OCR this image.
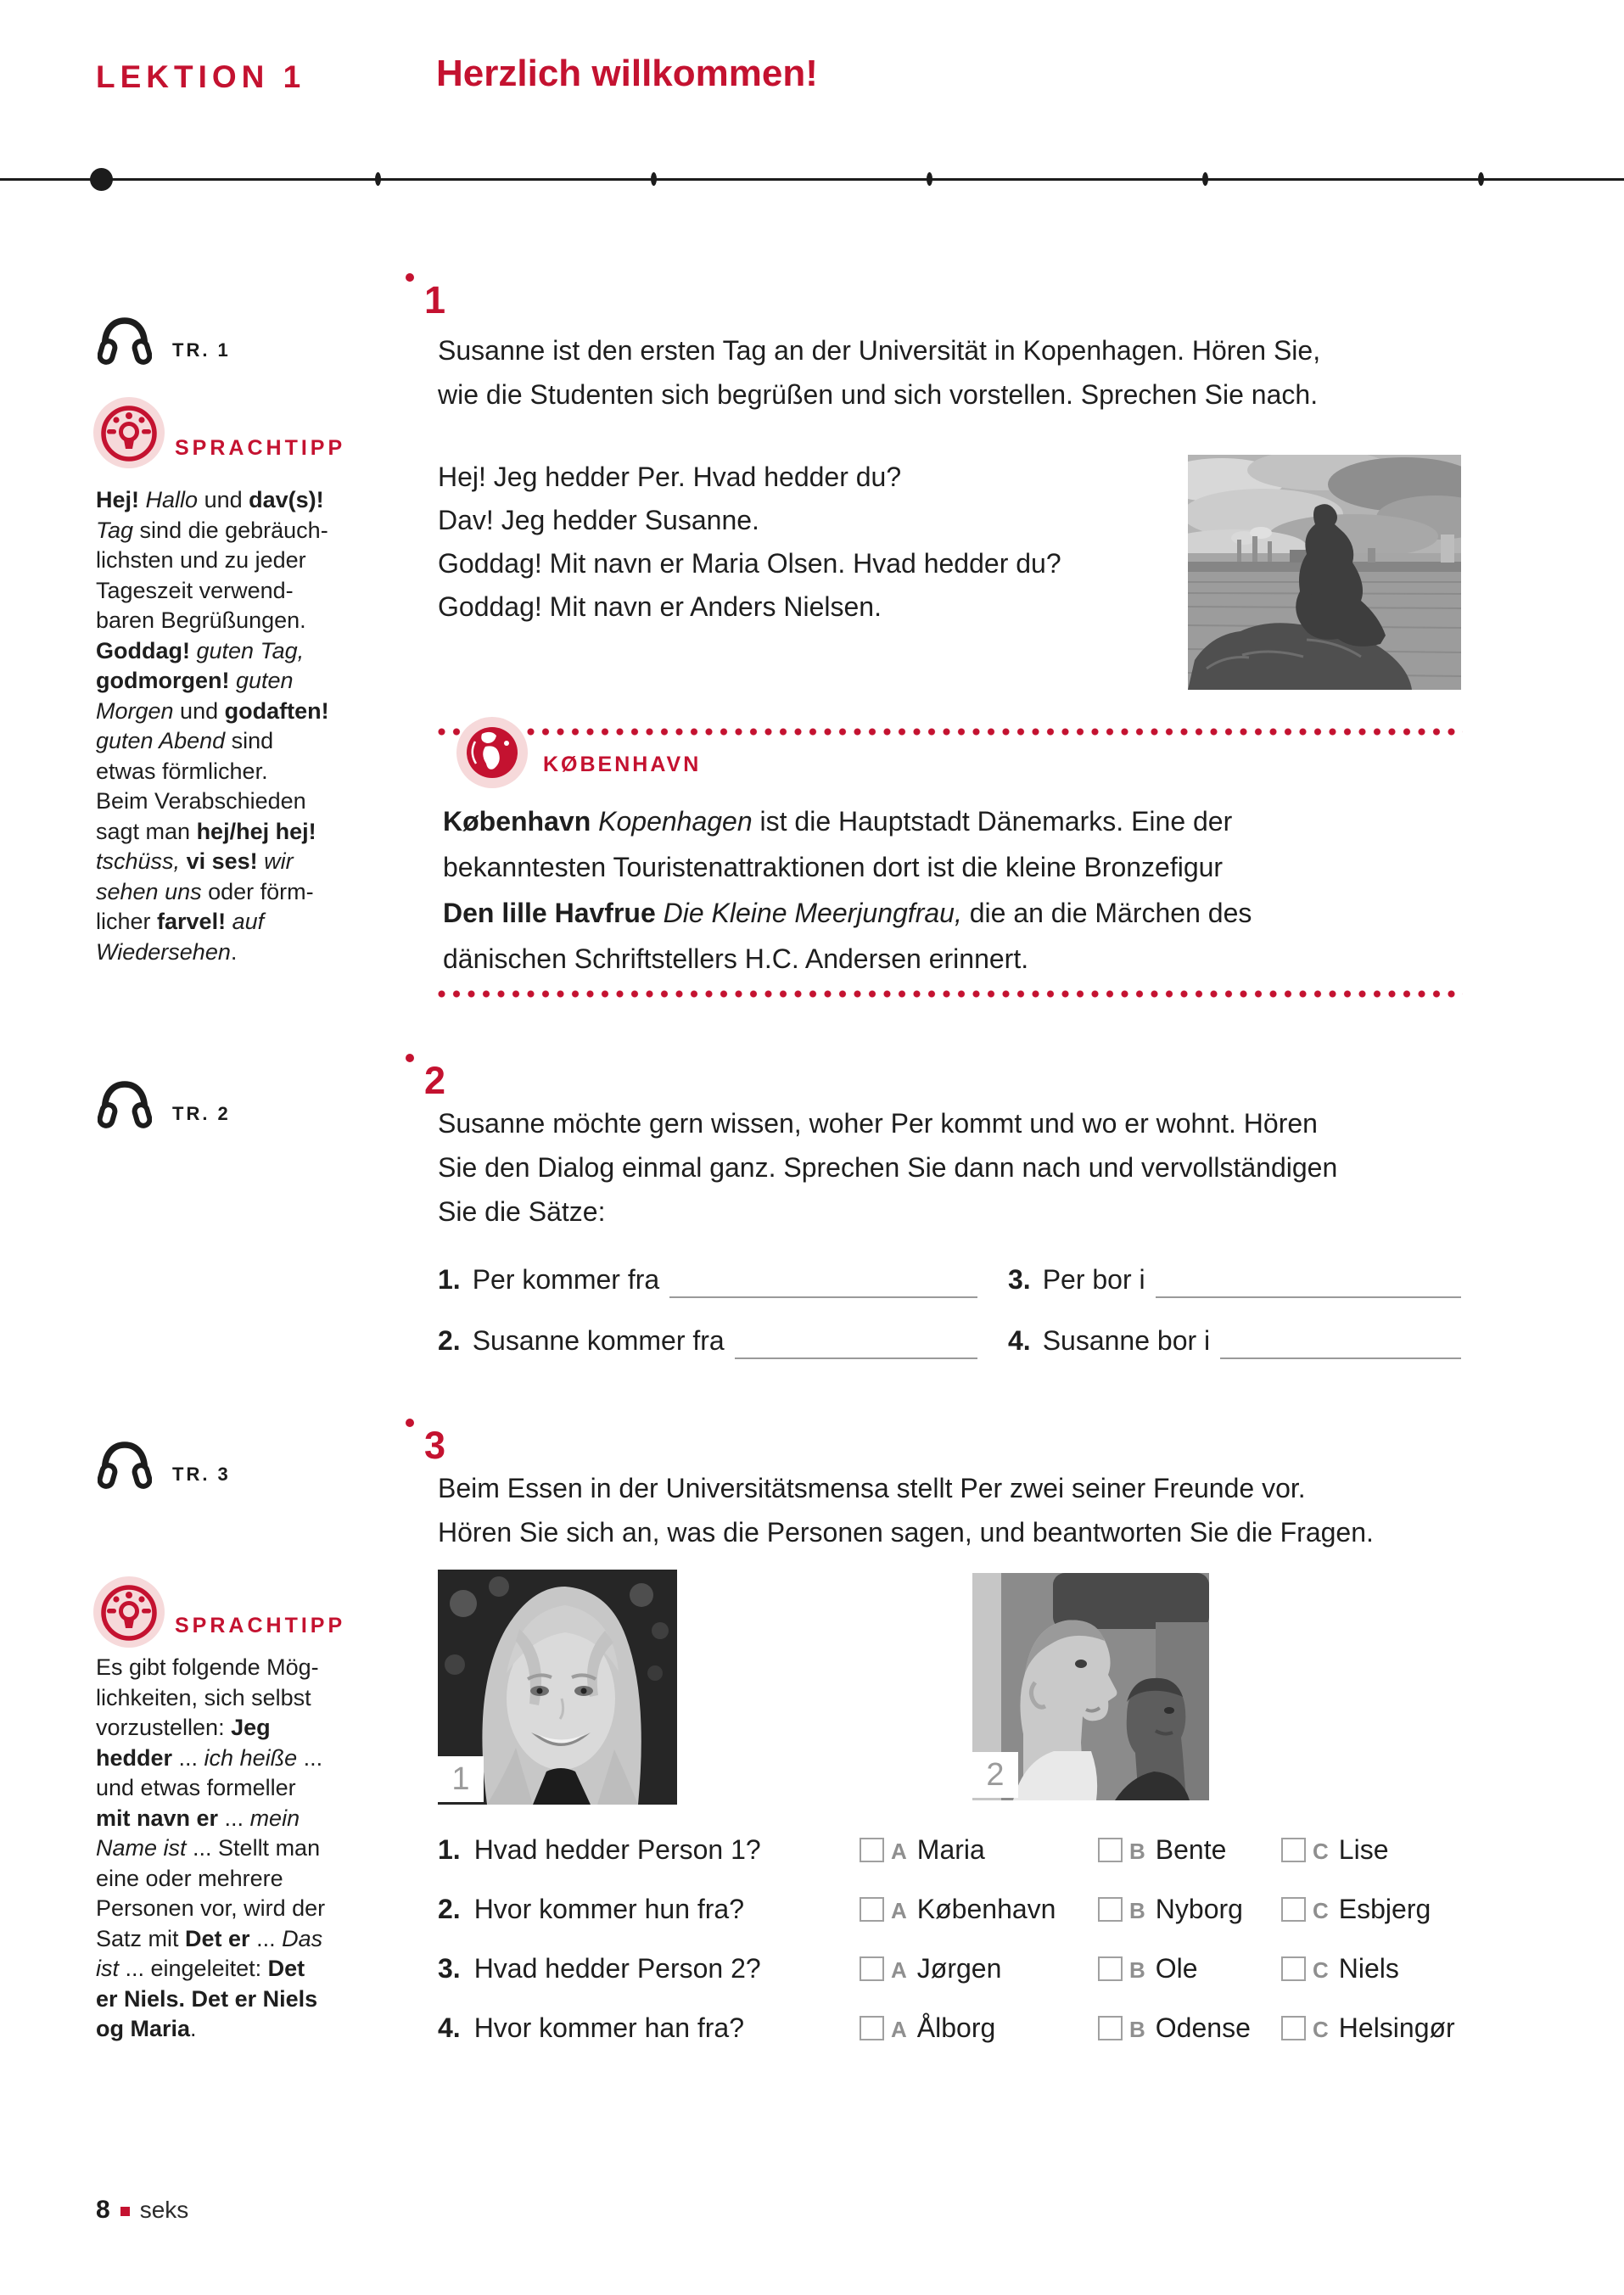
LEKTION 1	Herzlich willkommen!
TR. 1
SPRACHTIPP
Hej! Hallo und dav(s)!
Tag sind die gebräuch-
lichsten und zu jeder
Tageszeit verwend-
baren Begrüßungen.
Goddag! guten Tag,
godmorgen! guten
Morgen und godaften!
guten Abend sind
etwas förmlicher.
Beim Verabschieden
sagt man hej/hej hej!
tschüss, vi ses! wir
sehen uns oder förm-
licher farvel! auf
Wiedersehen.
TR. 2
TR. 3
SPRACHTIPP
Es gibt folgende Mög-
lichkeiten, sich selbst
vorzustellen: Jeg
hedder ... ich heiße ...
und etwas formeller
mit navn er ... mein
Name ist ... Stellt man
eine oder mehrere
Personen vor, wird der
Satz mit Det er ... Das
ist ... eingeleitet: Det
er Niels. Det er Niels
og Maria.
1
Susanne ist den ersten Tag an der Universität in Kopenhagen. Hören Sie,
wie die Studenten sich begrüßen und sich vorstellen. Sprechen Sie nach.
Hej! Jeg hedder Per. Hvad hedder du?
Dav! Jeg hedder Susanne.
Goddag! Mit navn er Maria Olsen. Hvad hedder du?
Goddag! Mit navn er Anders Nielsen.
KØBENHAVN
København Kopenhagen ist die Hauptstadt Dänemarks. Eine der
bekanntesten Touristenattraktionen dort ist die kleine Bronzefigur
Den lille Havfrue Die Kleine Meerjungfrau, die an die Märchen des
dänischen Schriftstellers H.C. Andersen erinnert.
2
Susanne möchte gern wissen, woher Per kommt und wo er wohnt. Hören
Sie den Dialog einmal ganz. Sprechen Sie dann nach und vervollständigen
Sie die Sätze:
1. Per kommer fra	3. Per bor i
2. Susanne kommer fra	4. Susanne bor i
3
Beim Essen in der Universitätsmensa stellt Per zwei seiner Freunde vor.
Hören Sie sich an, was die Personen sagen, und beantworten Sie die Fragen.
1	2
1. Hvad hedder Person 1?	A Maria	B Bente	C Lise
2. Hvor kommer hun fra?	A København	B Nyborg	C Esbjerg
3. Hvad hedder Person 2?	A Jørgen	B Ole	C Niels
4. Hvor kommer han fra?	A Ålborg	B Odense	C Helsingør
8 seks
